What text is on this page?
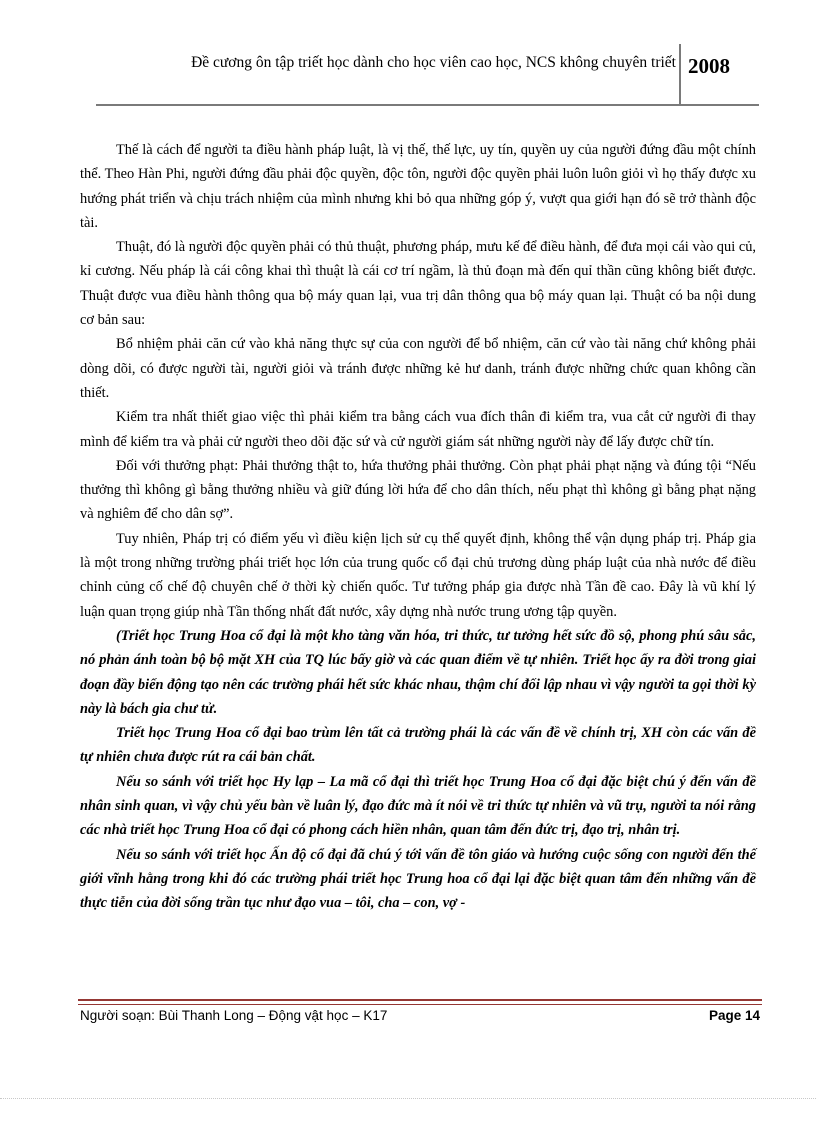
Đề cương ôn tập triết học dành cho học viên cao học, NCS không chuyên triết 2008

Thế là cách để người ta điều hành pháp luật, là vị thế, thế lực, uy tín, quyền uy của người đứng đầu một chính thể. Theo Hàn Phi, người đứng đầu phải độc quyền, độc tôn, người độc quyền phải luôn luôn giỏi vì họ thấy được xu hướng phát triển và chịu trách nhiệm của mình nhưng khi bỏ qua những góp ý, vượt qua giới hạn đó sẽ trở thành độc tài.

Thuật, đó là người độc quyền phải có thủ thuật, phương pháp, mưu kế để điều hành, để đưa mọi cái vào qui củ, kỉ cương. Nếu pháp là cái công khai thì thuật là cái cơ trí ngầm, là thủ đoạn mà đến quỉ thần cũng không biết được. Thuật được vua điều hành thông qua bộ máy quan lại, vua trị dân thông qua bộ máy quan lại. Thuật có ba nội dung cơ bản sau:

Bổ nhiệm phải căn cứ vào khả năng thực sự của con người để bổ nhiệm, căn cứ vào tài năng chứ không phải dòng dõi, có được người tài, người giỏi và tránh được những kẻ hư danh, tránh được những chức quan không cần thiết.

Kiểm tra nhất thiết giao việc thì phải kiểm tra bằng cách vua đích thân đi kiểm tra, vua cắt cử người đi thay mình để kiểm tra và phải cử người theo dõi đặc sứ và cử người giám sát những người này để lấy được chữ tín.

Đối với thưởng phạt: Phải thưởng thật to, hứa thưởng phải thưởng. Còn phạt phải phạt nặng và đúng tội “Nếu thưởng thì không gì bằng thưởng nhiều và giữ đúng lời hứa để cho dân thích, nếu phạt thì không gì bằng phạt nặng và nghiêm để cho dân sợ”.

Tuy nhiên, Pháp trị có điểm yếu vì điều kiện lịch sử cụ thể quyết định, không thể vận dụng pháp trị. Pháp gia là một trong những trường phái triết học lớn của trung quốc cổ đại chủ trương dùng pháp luật của nhà nước để điều chỉnh củng cố chế độ chuyên chế ở thời kỳ chiến quốc. Tư tưởng pháp gia được nhà Tần đề cao. Đây là vũ khí lý luận quan trọng giúp nhà Tần thống nhất đất nước, xây dựng nhà nước trung ương tập quyền.

(Triết học Trung Hoa cổ đại là một kho tàng văn hóa, tri thức, tư tưởng hết sức đồ sộ, phong phú sâu sắc, nó phản ánh toàn bộ bộ mặt XH của TQ lúc bấy giờ và các quan điểm về tự nhiên. Triết học ấy ra đời trong giai đoạn đầy biến động tạo nên các trường phái hết sức khác nhau, thậm chí đối lập nhau vì vậy người ta gọi thời kỳ này là bách gia chư tử.

Triết học Trung Hoa cổ đại bao trùm lên tất cả trường phái là các vấn đề về chính trị, XH còn các vấn đề tự nhiên chưa được rút ra cái bản chất.

Nếu so sánh với triết học Hy lạp – La mã cổ đại thì triết học Trung Hoa cổ đại đặc biệt chú ý đến vấn đề nhân sinh quan, vì vậy chủ yếu bàn về luân lý, đạo đức mà ít nói về tri thức tự nhiên và vũ trụ, người ta nói rằng các nhà triết học Trung Hoa cổ đại có phong cách hiền nhân, quan tâm đến đức trị, đạo trị, nhân trị.

Nếu so sánh với triết học Ấn độ cổ đại đã chú ý tới vấn đề tôn giáo và hướng cuộc sống con người đến thế giới vĩnh hằng trong khi đó các trường phái triết học Trung hoa cổ đại lại đặc biệt quan tâm đến những vấn đề thực tiễn của đời sống trần tục như đạo vua – tôi, cha – con, vợ -

Người soạn: Bùi Thanh Long – Động vật học – K17	Page 14
